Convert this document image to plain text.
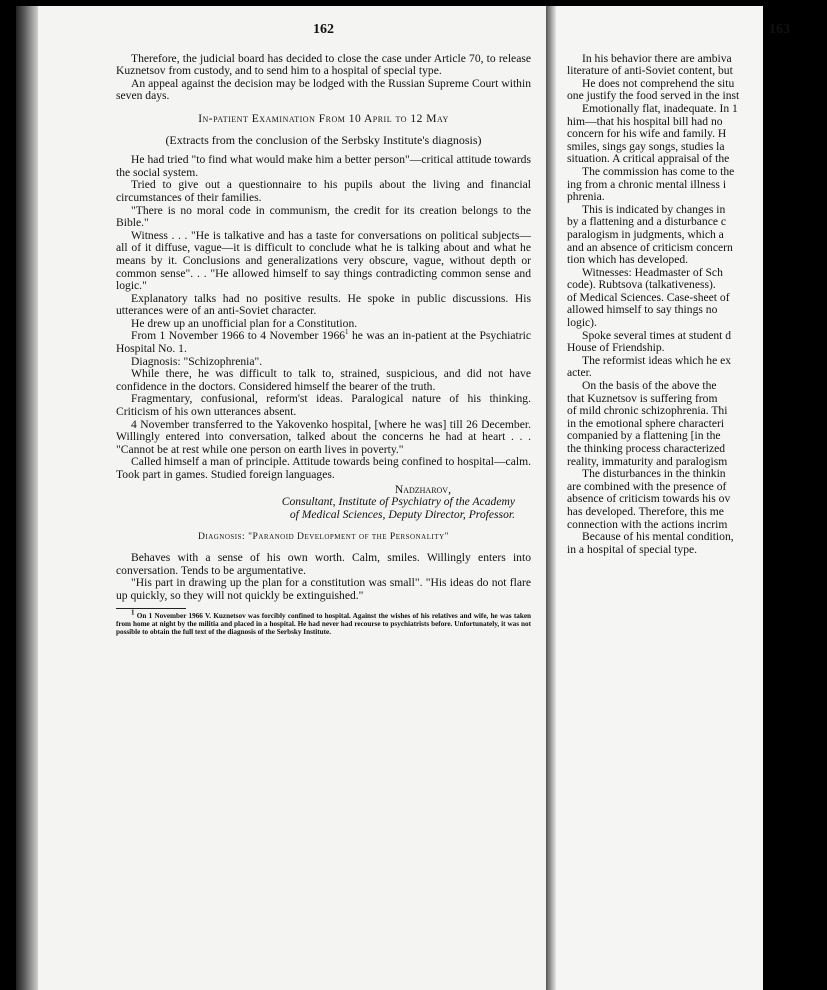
162

Therefore, the judicial board has decided to close the case under Article 70, to release Kuznetsov from custody, and to send him to a hospital of special type.

An appeal against the decision may be lodged with the Russian Supreme Court within seven days.

In-patient Examination From 10 April to 12 May

(Extracts from the conclusion of the Serbsky Institute's diagnosis)

He had tried "to find what would make him a better person"—critical attitude towards the social system.

Tried to give out a questionnaire to his pupils about the living and financial circumstances of their families.

"There is no moral code in communism, the credit for its creation belongs to the Bible."

Witness . . . "He is talkative and has a taste for conversations on political subjects—all of it diffuse, vague—it is difficult to conclude what he is talking about and what he means by it. Conclusions and generalizations very obscure, vague, without depth or common sense". . . "He allowed himself to say things contradicting common sense and logic."

Explanatory talks had no positive results. He spoke in public discussions. His utterances were of an anti-Soviet character.

He drew up an unofficial plan for a Constitution.

From 1 November 1966 to 4 November 1966$^1$ he was an in-patient at the Psychiatric Hospital No. 1.

Diagnosis: "Schizophrenia".

While there, he was difficult to talk to, strained, suspicious, and did not have confidence in the doctors. Considered himself the bearer of the truth.

Fragmentary, confusional, reform'st ideas. Paralogical nature of his thinking. Criticism of his own utterances absent.

4 November transferred to the Yakovenko hospital, [where he was] till 26 December. Willingly entered into conversation, talked about the concerns he had at heart . . . "Cannot be at rest while one person on earth lives in poverty."

Called himself a man of principle. Attitude towards being confined to hospital—calm. Took part in games. Studied foreign languages.

Nadzharov,

Consultant, Institute of Psychiatry of the Academy

of Medical Sciences, Deputy Director, Professor.

Diagnosis: "Paranoid Development of the Personality"

Behaves with a sense of his own worth. Calm, smiles. Willingly enters into conversation. Tends to be argumentative.

"His part in drawing up the plan for a constitution was small". "His ideas do not flare up quickly, so they will not quickly be extinguished."

$^1$ On 1 November 1966 V. Kuznetsov was forcibly confined to hospital. Against the wishes of his relatives and wife, he was taken from home at night by the militia and placed in a hospital. He had never had recourse to psychiatrists before. Unfortunately, it was not possible to obtain the full text of the diagnosis of the Serbsky Institute.

163
In his behavior there are ambiva
literature of anti-Soviet content, but
He does not comprehend the situ
one justify the food served in the inst
Emotionally flat, inadequate. In 1
him—that his hospital bill had no
concern for his wife and family. H
smiles, sings gay songs, studies la
situation. A critical appraisal of the
The commission has come to the
ing from a chronic mental illness i
phrenia.
This is indicated by changes in
by a flattening and a disturbance c
paralogism in judgments, which a
and an absence of criticism concern
tion which has developed.
Witnesses: Headmaster of Sch
code). Rubtsova (talkativeness).
of Medical Sciences. Case-sheet of
allowed himself to say things no
logic).
Spoke several times at student d
House of Friendship.
The reformist ideas which he ex
acter.
On the basis of the above the
that Kuznetsov is suffering from
of mild chronic schizophrenia. Thi
in the emotional sphere characteri
companied by a flattening [in the
the thinking process characterized
reality, immaturity and paralogism
The disturbances in the thinkin
are combined with the presence of
absence of criticism towards his ov
has developed. Therefore, this me
connection with the actions incrim
Because of his mental condition,
in a hospital of special type.
